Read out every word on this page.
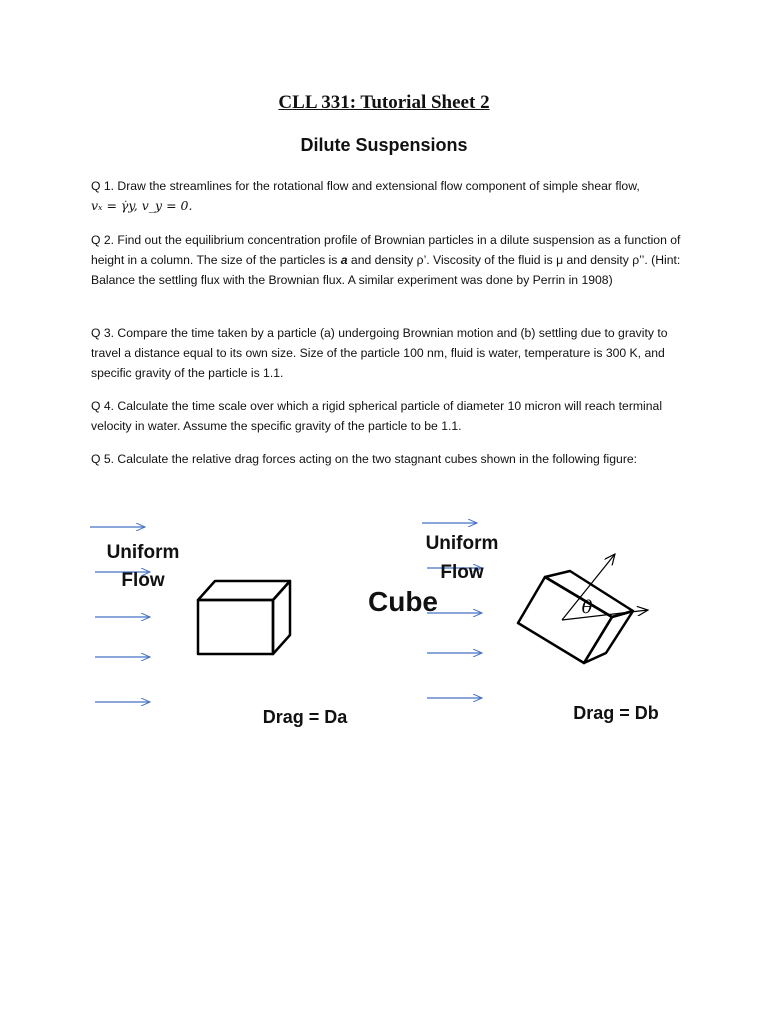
CLL 331: Tutorial Sheet 2
Dilute Suspensions
Q 1. Draw the streamlines for the rotational flow and extensional flow component of simple shear flow,
vₓ = γ̇y, v_y = 0.
Q 2. Find out the equilibrium concentration profile of Brownian particles in a dilute suspension as a function of height in a column. The size of the particles is a and density ρ’. Viscosity of the fluid is μ and density ρ’’. (Hint: Balance the settling flux with the Brownian flux. A similar experiment was done by Perrin in 1908)
Q 3. Compare the time taken by a particle (a) undergoing Brownian motion and (b) settling due to gravity to travel a distance equal to its own size. Size of the particle 100 nm, fluid is water, temperature is 300 K, and specific gravity of the particle is 1.1.
Q 4. Calculate the time scale over which a rigid spherical particle of diameter 10 micron will reach terminal velocity in water. Assume the specific gravity of the particle to be 1.1.
Q 5. Calculate the relative drag forces acting on the two stagnant cubes shown in the following figure:
Uniform
Flow
Cube
Uniform
Flow
θ
Drag = Da	Drag = Db
